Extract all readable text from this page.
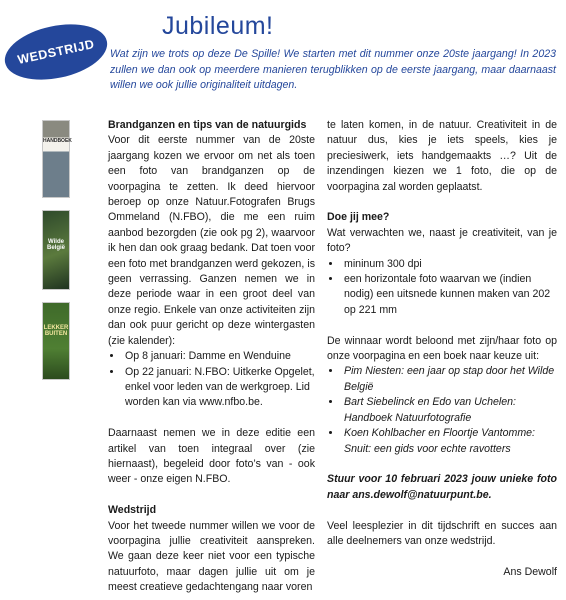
WEDSTRIJD
Jubileum!
Wat zijn we trots op deze De Spille! We starten met dit nummer onze 20ste jaargang! In 2023 zullen we dan ook op meerdere manieren terugblikken op de eerste jaargang, maar daarnaast willen we ook jullie originaliteit uitdagen.
HANDBOEK
Wilde België
LEKKER BUITEN
Brandganzen en tips van de natuurgids

Voor dit eerste nummer van de 20ste jaargang kozen we ervoor om net als toen een foto van brandganzen op de voorpagina te zetten. Ik deed hiervoor beroep op onze Natuur.Fotografen Brugs Ommeland (N.FBO), die me een ruim aanbod bezorgden (zie ook pg 2), waarvoor ik hen dan ook graag bedank. Dat toen voor een foto met brandganzen werd gekozen, is geen verrassing. Ganzen nemen we in deze periode waar in een groot deel van onze regio. Enkele van onze activiteiten zijn dan ook puur gericht op deze wintergasten (zie kalender):

• Op 8 januari: Damme en Wenduine
• Op 22 januari: N.FBO: Uitkerke Opgelet, enkel voor leden van de werkgroep. Lid worden kan via www.nfbo.be.

Daarnaast nemen we in deze editie een artikel van toen integraal over (zie hiernaast), begeleid door foto’s van - ook weer - onze eigen N.FBO.

Wedstrijd

Voor het tweede nummer willen we voor de voorpagina jullie creativiteit aanspreken. We gaan deze keer niet voor een typische natuurfoto, maar dagen jullie uit om je meest creatieve gedachtengang naar voren

te laten komen, in de natuur. Creativiteit in de natuur dus, kies je iets speels, kies je preciesiwerk, iets handgemaakts …? Uit de inzendingen kiezen we 1 foto, die op de voorpagina zal worden geplaatst.

Doe jij mee?

Wat verwachten we, naast je creativiteit, van je foto?

• mininum 300 dpi
• een horizontale foto waarvan we (indien nodig) een uitsnede kunnen maken van 202 op 221 mm

De winnaar wordt beloond met zijn/haar foto op onze voorpagina en een boek naar keuze uit:

• Pim Niesten: een jaar op stap door het Wilde België
• Bart Siebelinck en Edo van Uchelen: Handboek Natuurfotografie
• Koen Kohlbacher en Floortje Vantomme: Snuit: een gids voor echte ravotters

Stuur voor 10 februari 2023 jouw unieke foto naar ans.dewolf@natuurpunt.be.

Veel leesplezier in dit tijdschrift en succes aan alle deelnemers van onze wedstrijd.

Ans Dewolf
